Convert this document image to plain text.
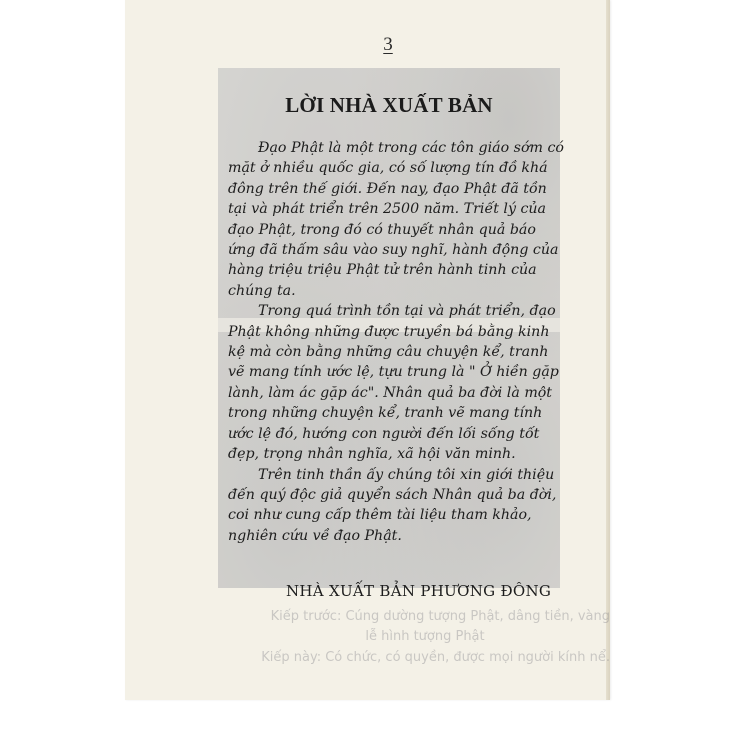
3
LỜI NHÀ XUẤT BẢN
Đạo Phật là một trong các tôn giáo sớm có
mặt ở nhiều quốc gia, có số lượng tín đồ khá
đông trên thế giới. Đến nay, đạo Phật đã tồn
tại và phát triển trên 2500 năm. Triết lý của
đạo Phật, trong đó có thuyết nhân quả báo
ứng đã thấm sâu vào suy nghĩ, hành động của
hàng triệu triệu Phật tử trên hành tinh của
chúng ta.
Trong quá trình tồn tại và phát triển, đạo
Phật không những được truyền bá bằng kinh
kệ mà còn bằng những câu chuyện kể, tranh
vẽ mang tính ước lệ, tựu trung là " Ở hiền gặp
lành, làm ác gặp ác". Nhân quả ba đời là một
trong những chuyện kể, tranh vẽ mang tính
ước lệ đó, hướng con người đến lối sống tốt
đẹp, trọng nhân nghĩa, xã hội văn minh.
Trên tinh thần ấy chúng tôi xin giới thiệu
đến quý độc giả quyển sách Nhân quả ba đời,
coi như cung cấp thêm tài liệu tham khảo,
nghiên cứu về đạo Phật.
NHÀ XUẤT BẢN PHƯƠNG ĐÔNG
Kiếp trước: Cúng dường tượng Phật, dâng tiền, vàng
lễ hình tượng Phật
Kiếp này: Có chức, có quyền, được mọi người kính nể.
